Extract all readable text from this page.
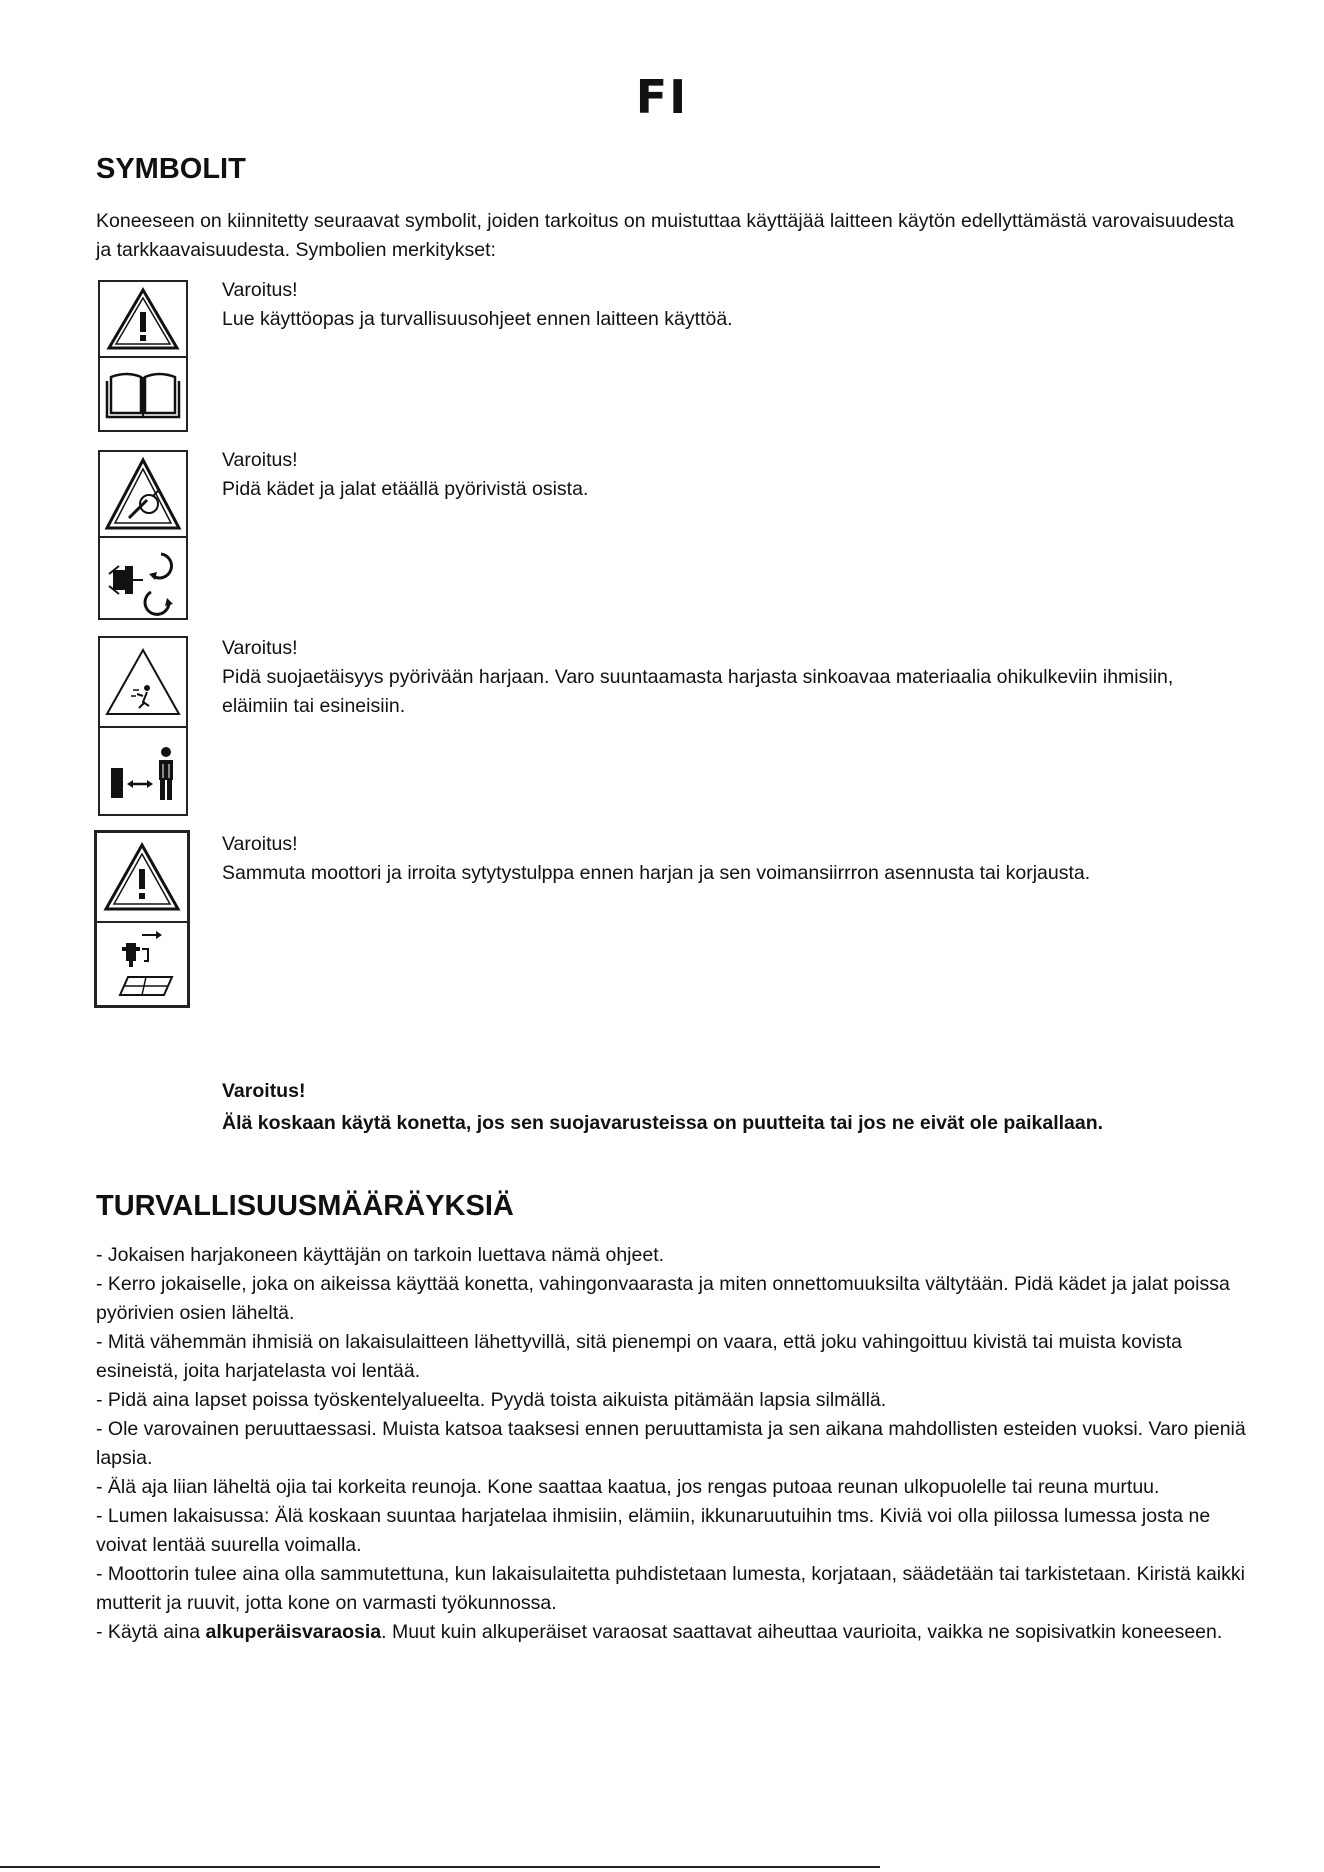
FI
SYMBOLIT

Koneeseen on kiinnitetty seuraavat symbolit, joiden tarkoitus on muistuttaa käyttäjää laitteen käytön edellyttämästä varovaisuudesta ja tarkkaavaisuudesta. Symbolien merkitykset:

Varoitus!

Lue käyttöopas ja turvallisuusohjeet ennen laitteen käyttöä.

Varoitus!

Pidä kädet ja jalat etäällä pyörivistä osista.

Varoitus!

Pidä suojaetäisyys pyörivään harjaan. Varo suuntaamasta harjasta sinkoavaa materiaalia ohikulkeviin ihmisiin, eläimiin tai esineisiin.

Varoitus!

Sammuta moottori ja irroita sytytystulppa ennen harjan ja sen voimansiirrron asennusta tai korjausta.

Varoitus!

Älä koskaan käytä konetta, jos sen suojavarusteissa on puutteita tai jos ne eivät ole paikallaan.

TURVALLISUUSMÄÄRÄYKSIÄ
- Jokaisen harjakoneen käyttäjän on tarkoin luettava nämä ohjeet.
- Kerro jokaiselle, joka on aikeissa käyttää konetta, vahingonvaarasta ja miten onnettomuuksilta vältytään. Pidä kädet ja jalat poissa pyörivien osien läheltä.
- Mitä vähemmän ihmisiä on lakaisulaitteen lähettyvillä, sitä pienempi on vaara, että joku vahingoittuu kivistä tai muista kovista esineistä, joita harjatelasta voi lentää.
- Pidä aina lapset poissa työskentelyalueelta. Pyydä toista aikuista pitämään lapsia silmällä.
- Ole varovainen peruuttaessasi. Muista katsoa taaksesi ennen peruuttamista ja sen aikana mahdollisten esteiden vuoksi. Varo pieniä lapsia.
- Älä aja liian läheltä ojia tai korkeita reunoja. Kone saattaa kaatua, jos rengas putoaa reunan ulkopuolelle tai reuna murtuu.
- Lumen lakaisussa: Älä koskaan suuntaa harjatelaa ihmisiin, elämiin, ikkunaruutuihin tms. Kiviä voi olla piilossa lumessa josta ne voivat lentää suurella voimalla.
- Moottorin tulee aina olla sammutettuna, kun lakaisulaitetta puhdistetaan lumesta, korjataan, säädetään tai tarkistetaan. Kiristä kaikki mutterit ja ruuvit, jotta kone on varmasti työkunnossa.
- Käytä aina alkuperäisvaraosia. Muut kuin alkuperäiset varaosat saattavat aiheuttaa vaurioita, vaikka ne sopisivatkin koneeseen.
